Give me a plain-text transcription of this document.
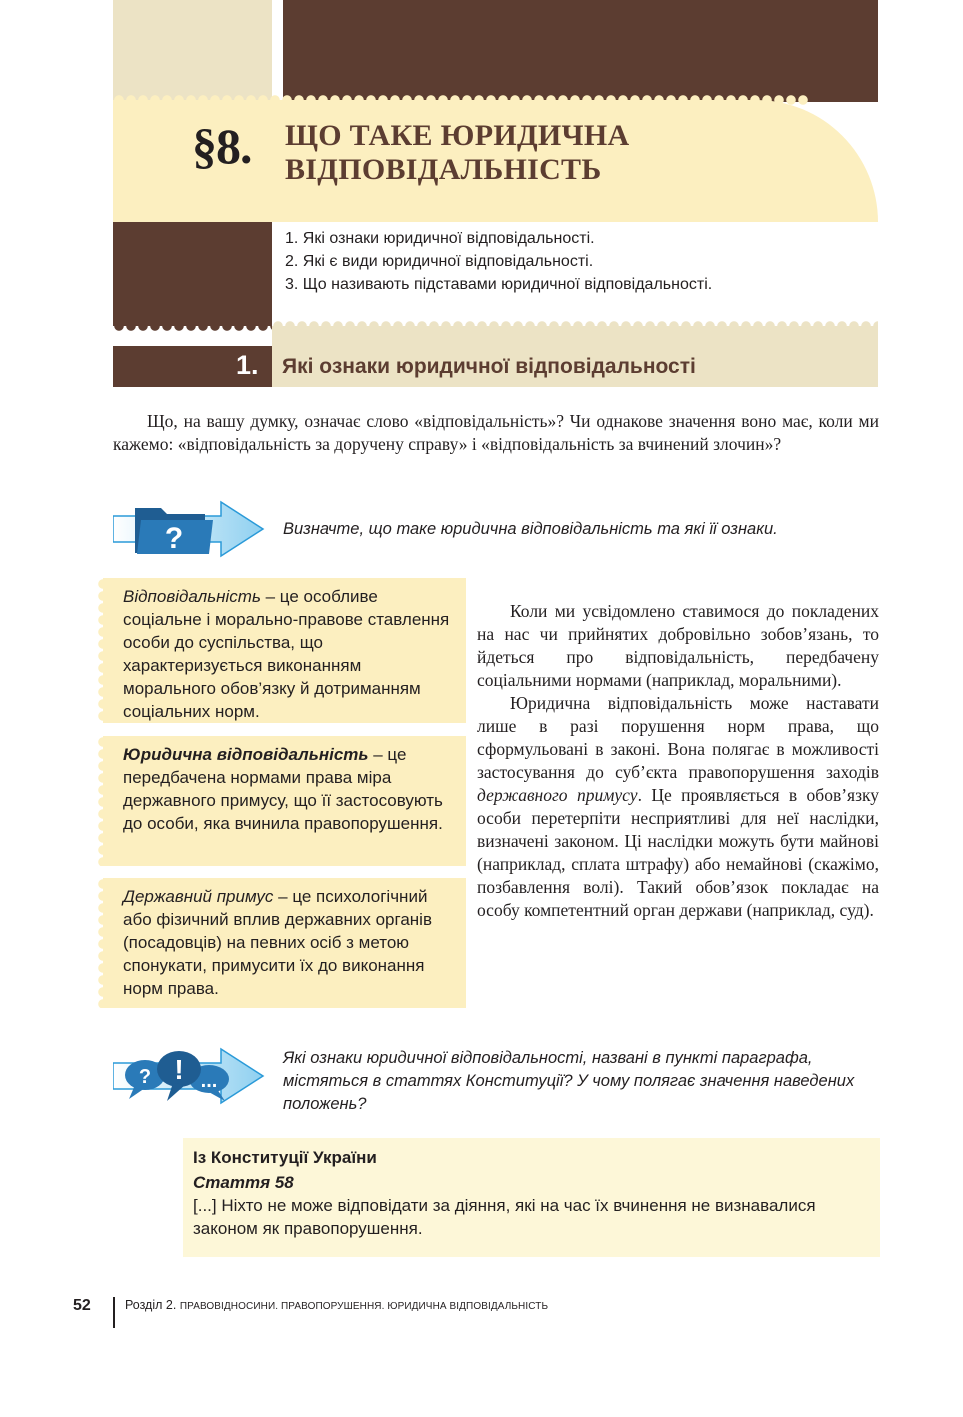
§8. ЩО ТАКЕ ЮРИДИЧНА
ВІДПОВІДАЛЬНІСТЬ
1. Які ознаки юридичної відповідальності.
2. Які є види юридичної відповідальності.
3. Що називають підставами юридичної відповідальності.
1. Які ознаки юридичної відповідальності
Що, на вашу думку, означає слово «відповідальність»? Чи однакове значення воно має, коли ми кажемо: «відповідальність за доручену справу» і «відповідальність за вчинений злочин»?
?	Визначте, що таке юридична відповідальність та які її ознаки.
Відповідальність – це особливе соціальне і морально-правове ставлення особи до суспільства, що характеризується виконанням морального обов’язку й дотриманням соціальних норм.
Юридична відповідальність – це передбачена нормами права міра державного примусу, що її застосовують до особи, яка вчинила правопорушення.
Державний примус – це психологічний або фізичний вплив державних органів (посадовців) на певних осіб з метою спонукати, примусити їх до виконання норм права.

Коли ми усвідомлено ставимося до покладених на нас чи прийнятих добровільно зобов’язань, то йдеться про відповідальність, передбачену соціальними нормами (наприклад, моральними).

Юридична відповідальність може наставати лише в разі порушення норм права, що сформульовані в законі. Вона полягає в можливості застосування до суб’єкта правопорушення заходів державного примусу. Це проявляється в обов’язку особи перетерпіти несприятливі для неї наслідки, визначені законом. Ці наслідки можуть бути майнові (наприклад, сплата штрафу) або немайнові (скажімо, позбавлення волі). Такий обов’язок покладає на особу компетентний орган держави (наприклад, суд).

? ! ...
Які ознаки юридичної відповідальності, названі в пункті параграфа, містяться в статтях Конституції? У чому полягає значення наведених положень?
Із Конституції України
Стаття 58
[...] Ніхто не може відповідати за діяння, які на час їх вчинення не визнавалися законом як правопорушення.
52	Розділ 2. ПРАВОВІДНОСИНИ. ПРАВОПОРУШЕННЯ. ЮРИДИЧНА ВІДПОВІДАЛЬНІСТЬ
